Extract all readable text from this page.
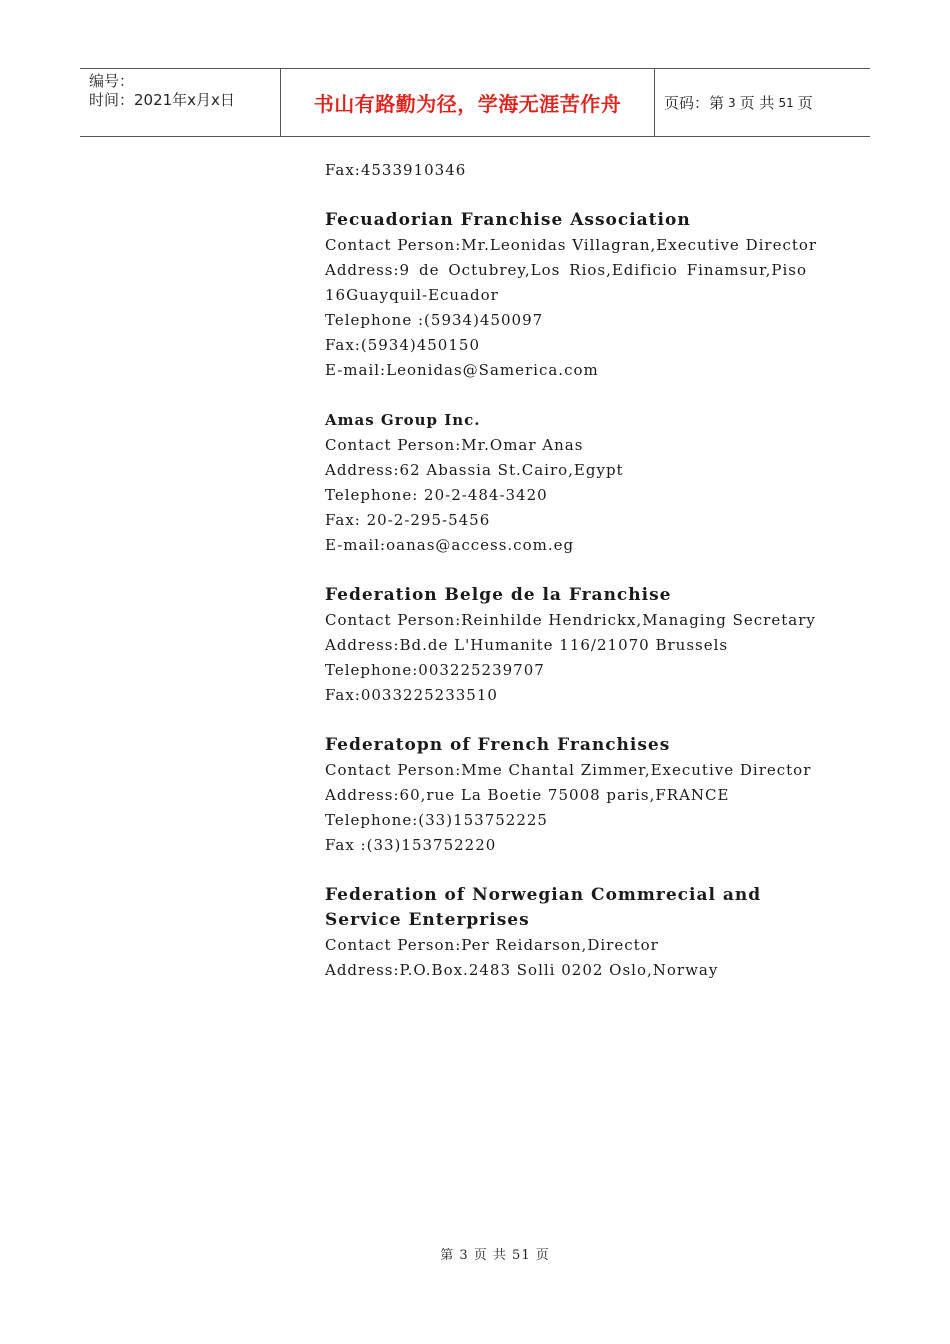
编号：
时间：2021年x月x日	书山有路勤为径，学海无涯苦作舟	页码：第 3 页 共 51 页
Fax:4533910346
Fecuadorian Franchise Association
Contact Person:Mr.Leonidas Villagran,Executive Director
Address:9 de Octubrey,Los Rios,Edificio Finamsur,Piso
16Guayquil-Ecuador
Telephone :(5934)450097
Fax:(5934)450150
E-mail:Leonidas@Samerica.com
Amas Group Inc.
Contact Person:Mr.Omar Anas
Address:62 Abassia St.Cairo,Egypt
Telephone: 20-2-484-3420
Fax: 20-2-295-5456
E-mail:oanas@access.com.eg
Federation Belge de la Franchise
Contact Person:Reinhilde Hendrickx,Managing Secretary
Address:Bd.de L'Humanite 116/21070 Brussels
Telephone:003225239707
Fax:0033225233510
Federatopn of French Franchises
Contact Person:Mme Chantal Zimmer,Executive Director
Address:60,rue La Boetie 75008 paris,FRANCE
Telephone:(33)153752225
Fax :(33)153752220
Federation of Norwegian Commrecial and Service Enterprises
Contact Person:Per Reidarson,Director
Address:P.O.Box.2483 Solli 0202 Oslo,Norway
第 3 页 共 51 页
